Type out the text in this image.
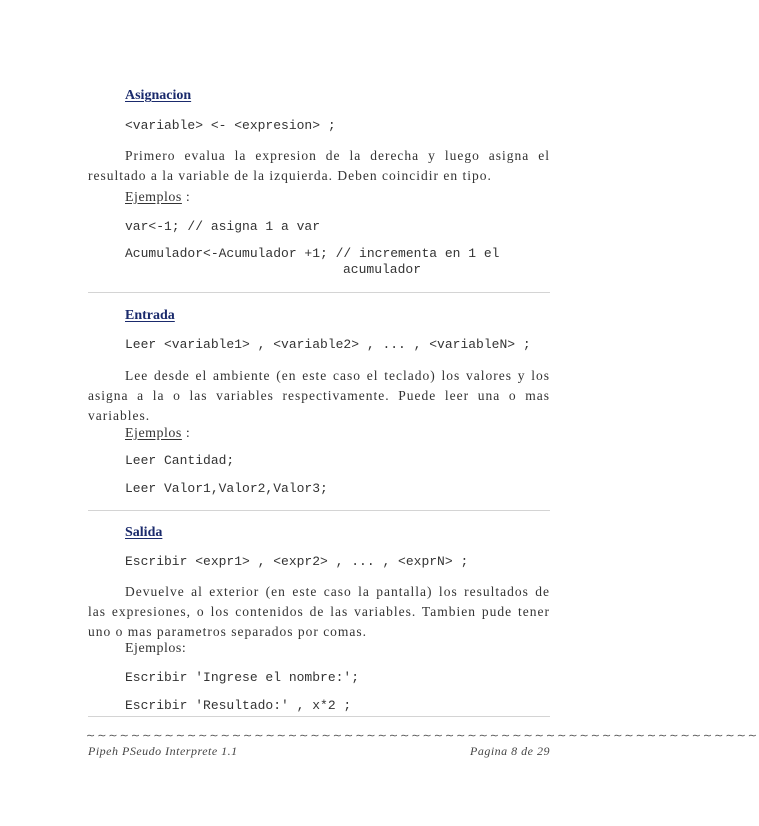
Asignacion
<variable> <- <expresion> ;
Primero evalua la expresion de la derecha y luego asigna el resultado a la variable de la izquierda. Deben coincidir en tipo.
Ejemplos :
var<-1; // asigna 1 a var
Acumulador<-Acumulador +1; // incrementa en 1 el
acumulador
Entrada
Leer <variable1> , <variable2> , ... , <variableN> ;
Lee desde el ambiente (en este caso el teclado) los valores y los asigna a la o las variables respectivamente. Puede leer una o mas variables.
Ejemplos :
Leer Cantidad;
Leer Valor1,Valor2,Valor3;
Salida
Escribir <expr1> , <expr2> , ... , <exprN> ;
Devuelve al exterior (en este caso la pantalla) los resultados de las expresiones, o los contenidos de las variables. Tambien pude tener uno o mas parametros separados por comas.
Ejemplos:
Escribir 'Ingrese el nombre:';
Escribir 'Resultado:' , x*2 ;
∼∼∼∼∼∼∼∼∼∼∼∼∼∼∼∼∼∼∼∼∼∼∼∼∼∼∼∼∼∼∼∼∼∼∼∼∼∼∼∼∼∼∼∼∼∼∼∼∼∼∼∼∼∼∼∼∼∼∼∼
Pipeh PSeudo Interprete 1.1	Pagina 8 de 29
